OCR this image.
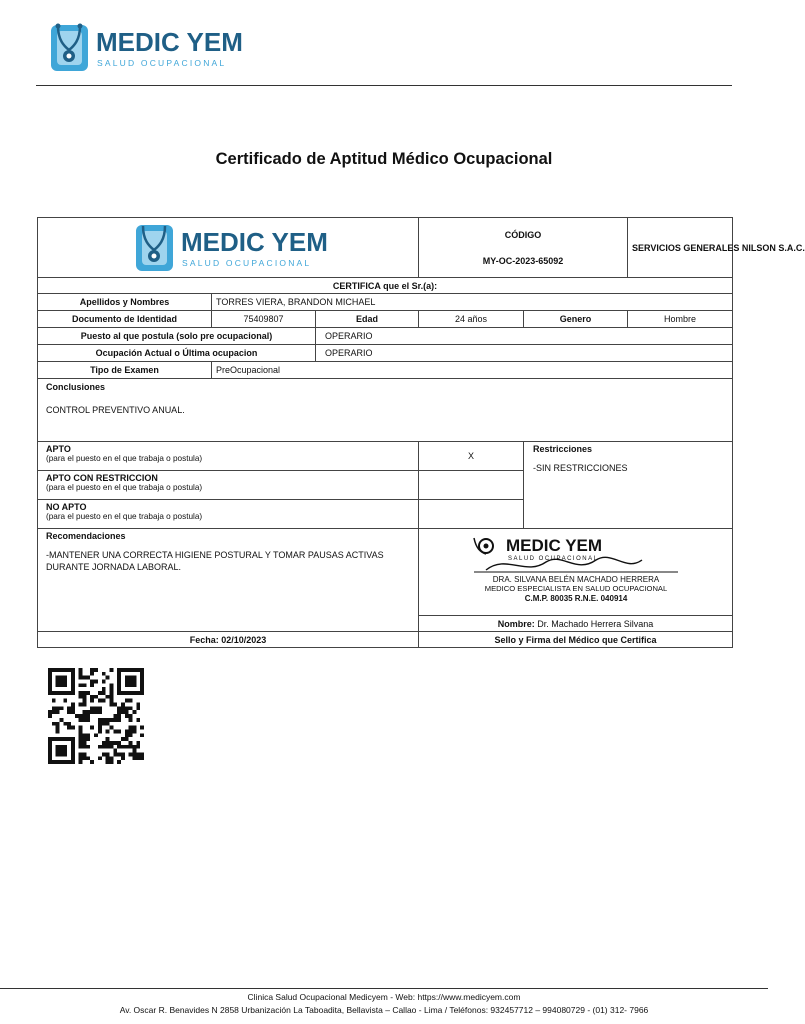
MEDIC YEM
SALUD OCUPACIONAL
Certificado de Aptitud Médico Ocupacional
MEDIC YEM
SALUD OCUPACIONAL			CÓDIGO
MY-OC-2023-65092		SERVICIOS GENERALES NILSON S.A.C.
CERTIFICA que el Sr.(a):					
Apellidos y Nombres	TORRES VIERA, BRANDON MICHAEL				
Documento de Identidad	75409807	Edad	24 años	Genero	Hombre
Puesto al que postula (solo pre ocupacional)		OPERARIO			
Ocupación Actual o Última ocupacion		OPERARIO			
Tipo de Examen	PreOcupacional				

Conclusiones
CONTROL PREVENTIVO ANUAL.					

APTO
(para el puesto en el que trabaja o postula)			X	Restricciones
-SIN RESTRICCIONES	

APTO CON RESTRICCION
(para el puesto en el que trabaja o postula)					

NO APTO
(para el puesto en el que trabaja o postula)					

Recomendaciones
-MANTENER UNA CORRECTA HIGIENE POSTURAL Y TOMAR PAUSAS ACTIVAS
DURANTE JORNADA LABORAL.			MEDIC YEM
SALUD OCUPACIONAL
DRA. SILVANA BELÉN MACHADO HERRERA
MEDICO ESPECIALISTA EN SALUD OCUPACIONAL
C.M.P. 80035 R.N.E. 040914		

			Nombre: Dr. Machado Herrera Silvana		
Fecha: 02/10/2023			Sello y Firma del Médico que Certifica		
Clinica Salud Ocupacional Medicyem - Web: https://www.medicyem.com
Av. Oscar R. Benavides N 2858 Urbanización La Taboadita, Bellavista – Callao - Lima / Teléfonos: 932457712 – 994080729 - (01) 312- 7966
